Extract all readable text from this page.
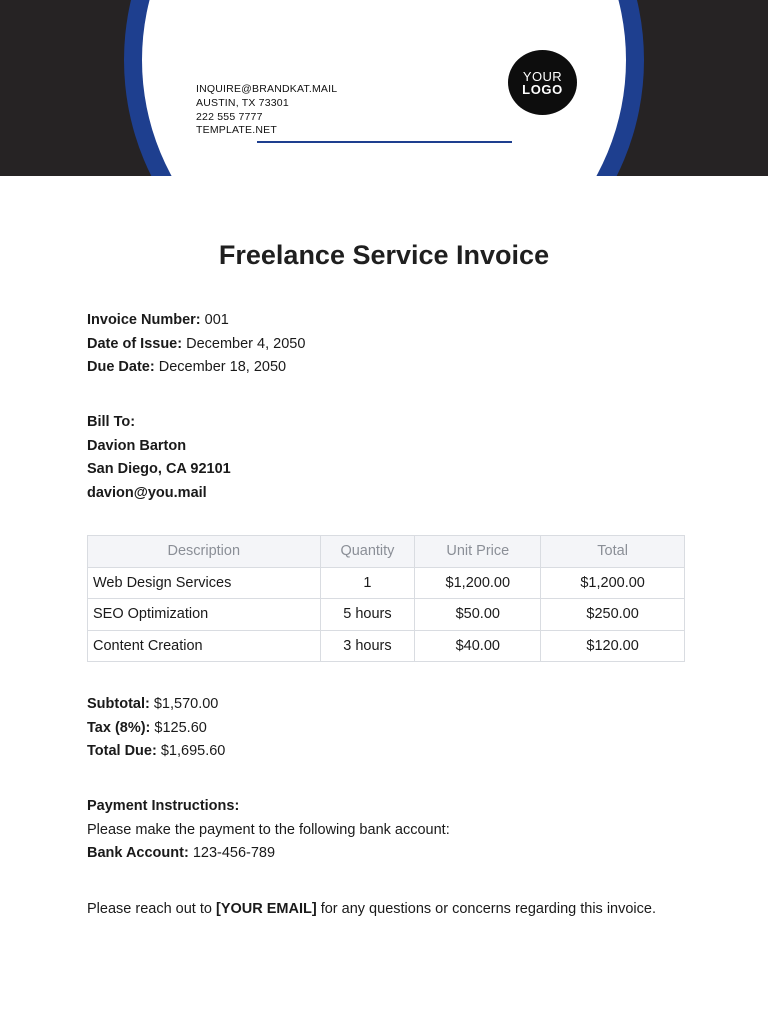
INQUIRE@BRANDKAT.MAIL
AUSTIN, TX 73301
222 555 7777
TEMPLATE.NET
YOUR
LOGO
Freelance Service Invoice
Invoice Number: 001
Date of Issue: December 4, 2050
Due Date: December 18, 2050
Bill To:
Davion Barton
San Diego, CA 92101
davion@you.mail
Description	Quantity	Unit Price	Total
Web Design Services	1	$1,200.00	$1,200.00
SEO Optimization	5 hours	$50.00	$250.00
Content Creation	3 hours	$40.00	$120.00
Subtotal: $1,570.00
Tax (8%): $125.60
Total Due: $1,695.60
Payment Instructions:
Please make the payment to the following bank account:
Bank Account: 123-456-789
Please reach out to [YOUR EMAIL] for any questions or concerns regarding this invoice.
